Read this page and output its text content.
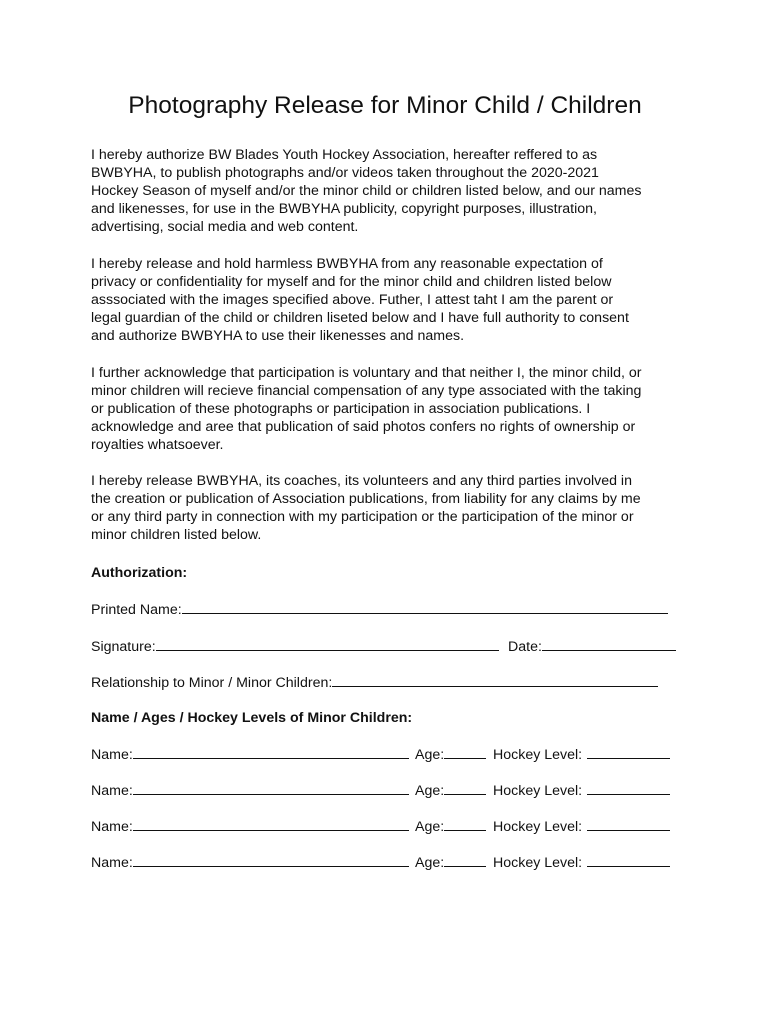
Photography Release for Minor Child / Children

I hereby authorize BW Blades Youth Hockey Association, hereafter reffered to as
BWBYHA, to publish photographs and/or videos taken throughout the 2020-2021
Hockey Season of myself and/or the minor child or children listed below, and our names
and likenesses, for use in the BWBYHA publicity, copyright purposes, illustration,
advertising, social media and web content.

I hereby release and hold harmless BWBYHA from any reasonable expectation of
privacy or confidentiality for myself and for the minor child and children listed below
asssociated with the images specified above. Futher, I attest taht I am the parent or
legal guardian of the child or children liseted below and I have full authority to consent
and authorize BWBYHA to use their likenesses and names.

I further acknowledge that participation is voluntary and that neither I, the minor child, or
minor children will recieve financial compensation of any type associated with the taking
or publication of these photographs or participation in association publications. I
acknowledge and aree that publication of said photos confers no rights of ownership or
royalties whatsoever.

I hereby release BWBYHA, its coaches, its volunteers and any third parties involved in
the creation or publication of Association publications, from liability for any claims by me
or any third party in connection with my participation or the participation of the minor or
minor children listed below.

Authorization:
Printed Name:
Signature:	Date:
Relationship to Minor / Minor Children:
Name / Ages / Hockey Levels of Minor Children:
Name:	Age:	Hockey Level:
Name:	Age:	Hockey Level:
Name:	Age:	Hockey Level:
Name:	Age:	Hockey Level:
